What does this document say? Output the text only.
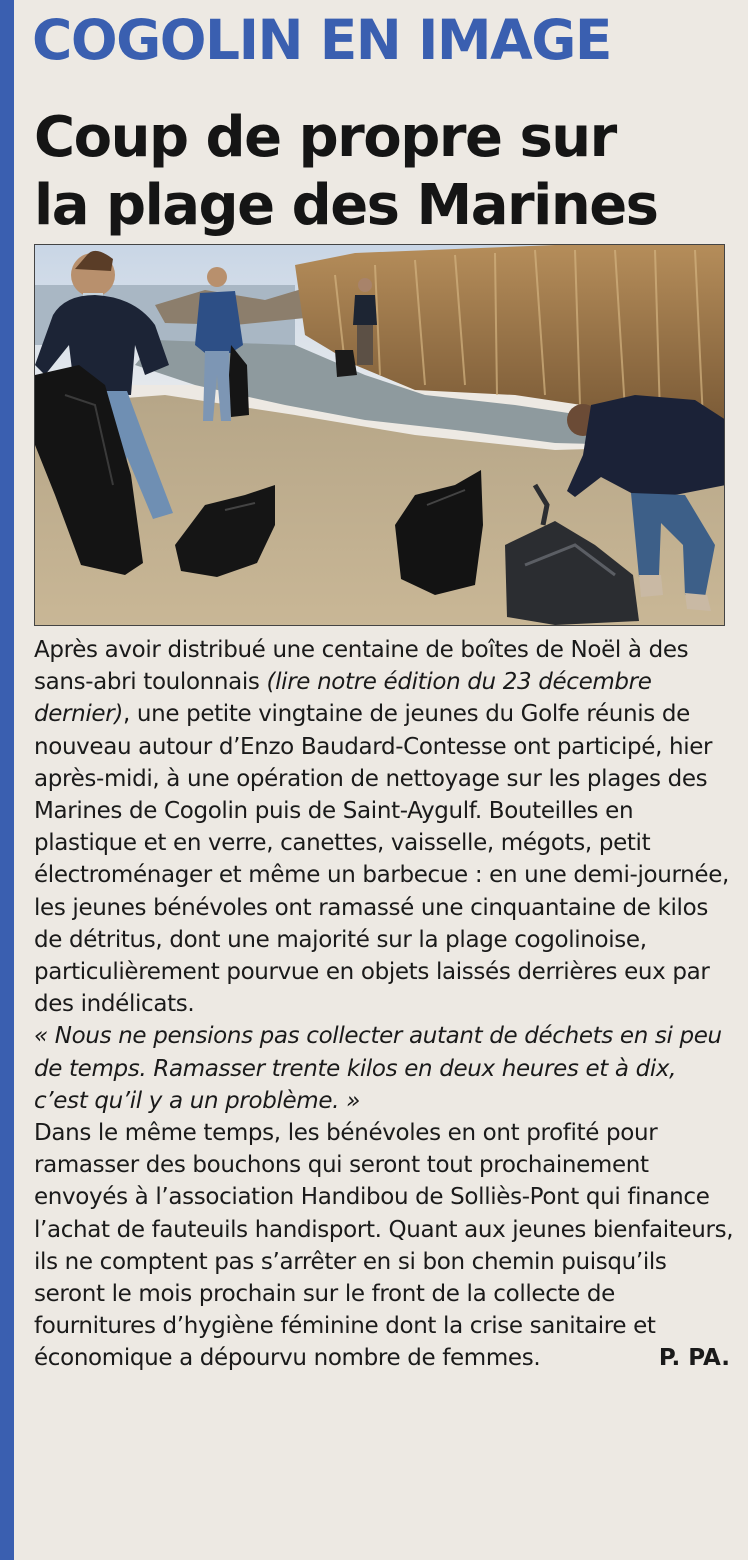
COGOLIN EN IMAGE
Coup de propre sur
la plage des Marines

Après avoir distribué une centaine de boîtes de Noël à des sans-abri toulonnais (lire notre édition du 23 décembre dernier), une petite vingtaine de jeunes du Golfe réunis de nouveau autour d’Enzo Baudard-Contesse ont participé, hier après-midi, à une opération de nettoyage sur les plages des Marines de Cogolin puis de Saint-Aygulf. Bouteilles en plastique et en verre, canettes, vaisselle, mégots, petit électroménager et même un barbecue : en une demi-journée, les jeunes bénévoles ont ramassé une cinquantaine de kilos de détritus, dont une majorité sur la plage cogolinoise, particulièrement pourvue en objets laissés derrières eux par des indélicats.

« Nous ne pensions pas collecter autant de déchets en si peu de temps. Ramasser trente kilos en deux heures et à dix, c’est qu’il y a un problème. »

Dans le même temps, les bénévoles en ont profité pour ramasser des bouchons qui seront tout prochainement envoyés à l’association Handibou de Solliès-Pont qui finance l’achat de fauteuils handisport. Quant aux jeunes bienfaiteurs, ils ne comptent pas s’arrêter en si bon chemin puisqu’ils seront le mois prochain sur le front de la collecte de fournitures d’hygiène féminine dont la crise sanitaire et économique a dépourvu nombre de femmes.	P. PA.
